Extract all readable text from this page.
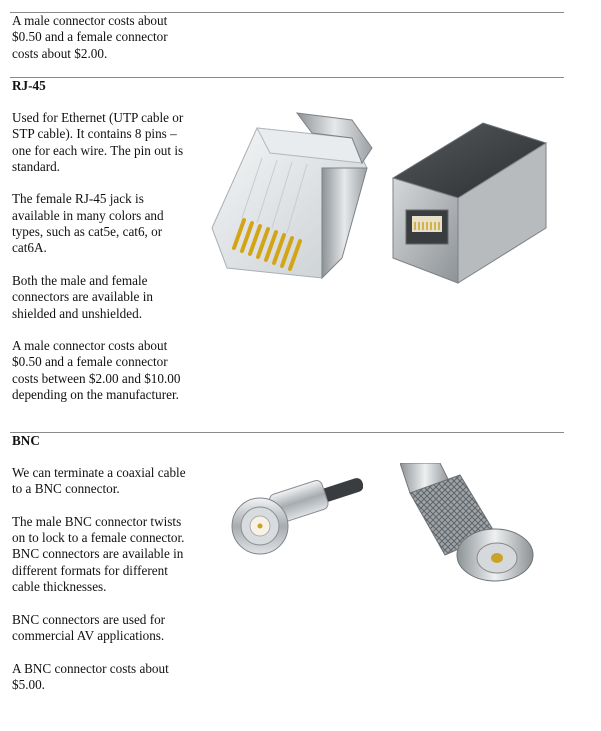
A male connector costs about $0.50 and a female connector costs about $2.00.

RJ-45

Used for Ethernet (UTP cable or STP cable). It contains 8 pins – one for each wire. The pin out is standard.

The female RJ-45 jack is available in many colors and types, such as cat5e, cat6, or cat6A.

Both the male and female connectors are available in shielded and unshielded.

A male connector costs about $0.50 and a female connector costs between $2.00 and $10.00 depending on the manufacturer.

BNC

We can terminate a coaxial cable to a BNC connector.

The male BNC connector twists on to lock to a female connector. BNC connectors are available in different formats for different cable thicknesses.

BNC connectors are used for commercial AV applications.

A BNC connector costs about $5.00.
